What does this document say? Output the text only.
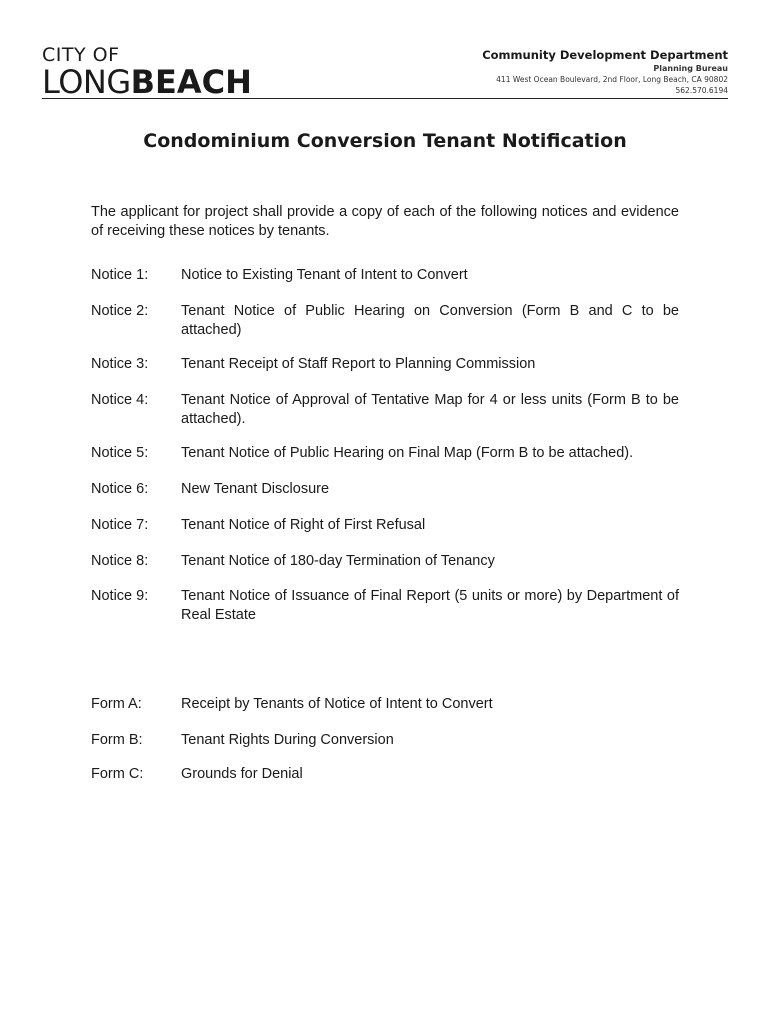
CITY OF
LONGBEACH
Community Development Department
Planning Bureau
411 West Ocean Boulevard, 2nd Floor, Long Beach, CA 90802
562.570.6194
Condominium Conversion Tenant Notification
The applicant for project shall provide a copy of each of the following notices and evidence of receiving these notices by tenants.
Notice 1:	Notice to Existing Tenant of Intent to Convert
Notice 2:	Tenant Notice of Public Hearing on Conversion (Form B and C to be attached)
Notice 3:	Tenant Receipt of Staff Report to Planning Commission
Notice 4:	Tenant Notice of Approval of Tentative Map for 4 or less units (Form B to be attached).
Notice 5:	Tenant Notice of Public Hearing on Final Map (Form B to be attached).
Notice 6:	New Tenant Disclosure
Notice 7:	Tenant Notice of Right of First Refusal
Notice 8:	Tenant Notice of 180-day Termination of Tenancy
Notice 9:	Tenant Notice of Issuance of Final Report (5 units or more) by Department of Real Estate
Form A:	Receipt by Tenants of Notice of Intent to Convert
Form B:	Tenant Rights During Conversion
Form C:	Grounds for Denial
